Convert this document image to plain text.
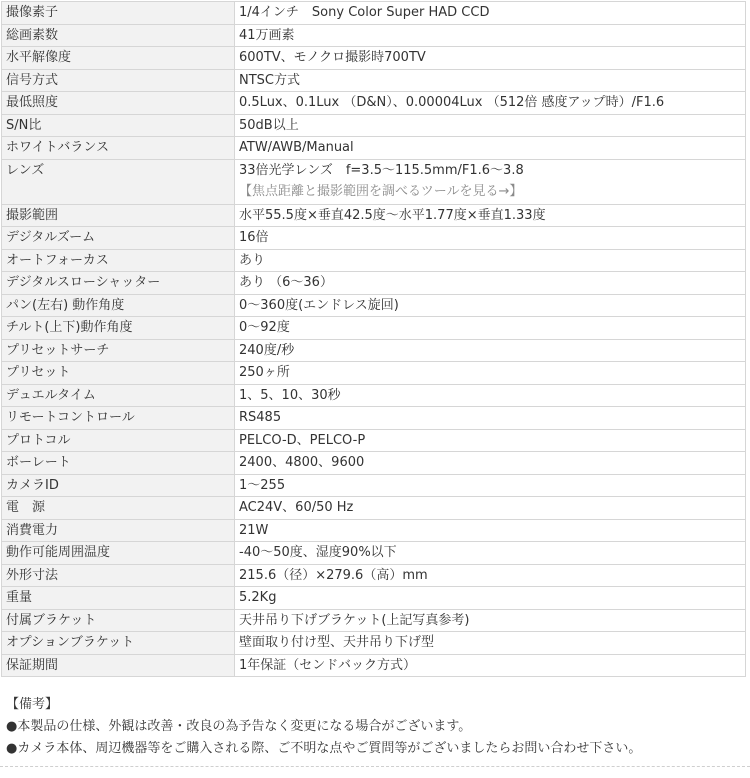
撮像素子	1/4インチ　Sony Color Super HAD CCD
総画素数	41万画素
水平解像度	600TV、モノクロ撮影時700TV
信号方式	NTSC方式
最低照度	0.5Lux、0.1Lux （D&N）、0.00004Lux （512倍 感度アップ時）/F1.6
S/N比	50dB以上
ホワイトバランス	ATW/AWB/Manual
レンズ	33倍光学レンズ　f=3.5～115.5mm/F1.6～3.8
【焦点距離と撮影範囲を調べるツールを見る→】

撮影範囲	水平55.5度×垂直42.5度～水平1.77度×垂直1.33度
デジタルズーム	16倍
オートフォーカス	あり
デジタルスローシャッター	あり （6～36）
パン(左右) 動作角度	0～360度(エンドレス旋回)
チルト(上下)動作角度	0～92度
プリセットサーチ	240度/秒
プリセット	250ヶ所
デュエルタイム	1、5、10、30秒
リモートコントロール	RS485
プロトコル	PELCO-D、PELCO-P
ボーレート	2400、4800、9600
カメラID	1～255
電　源	AC24V、60/50 Hz
消費電力	21W
動作可能周囲温度	-40～50度、湿度90%以下
外形寸法	215.6（径）×279.6（高）mm
重量	5.2Kg
付属ブラケット	天井吊り下げブラケット(上記写真参考)
オプションブラケット	壁面取り付け型、天井吊り下げ型
保証期間	1年保証（センドバック方式）
【備考】
●本製品の仕様、外観は改善・改良の為予告なく変更になる場合がございます。
●カメラ本体、周辺機器等をご購入される際、ご不明な点やご質問等がございましたらお問い合わせ下さい。
